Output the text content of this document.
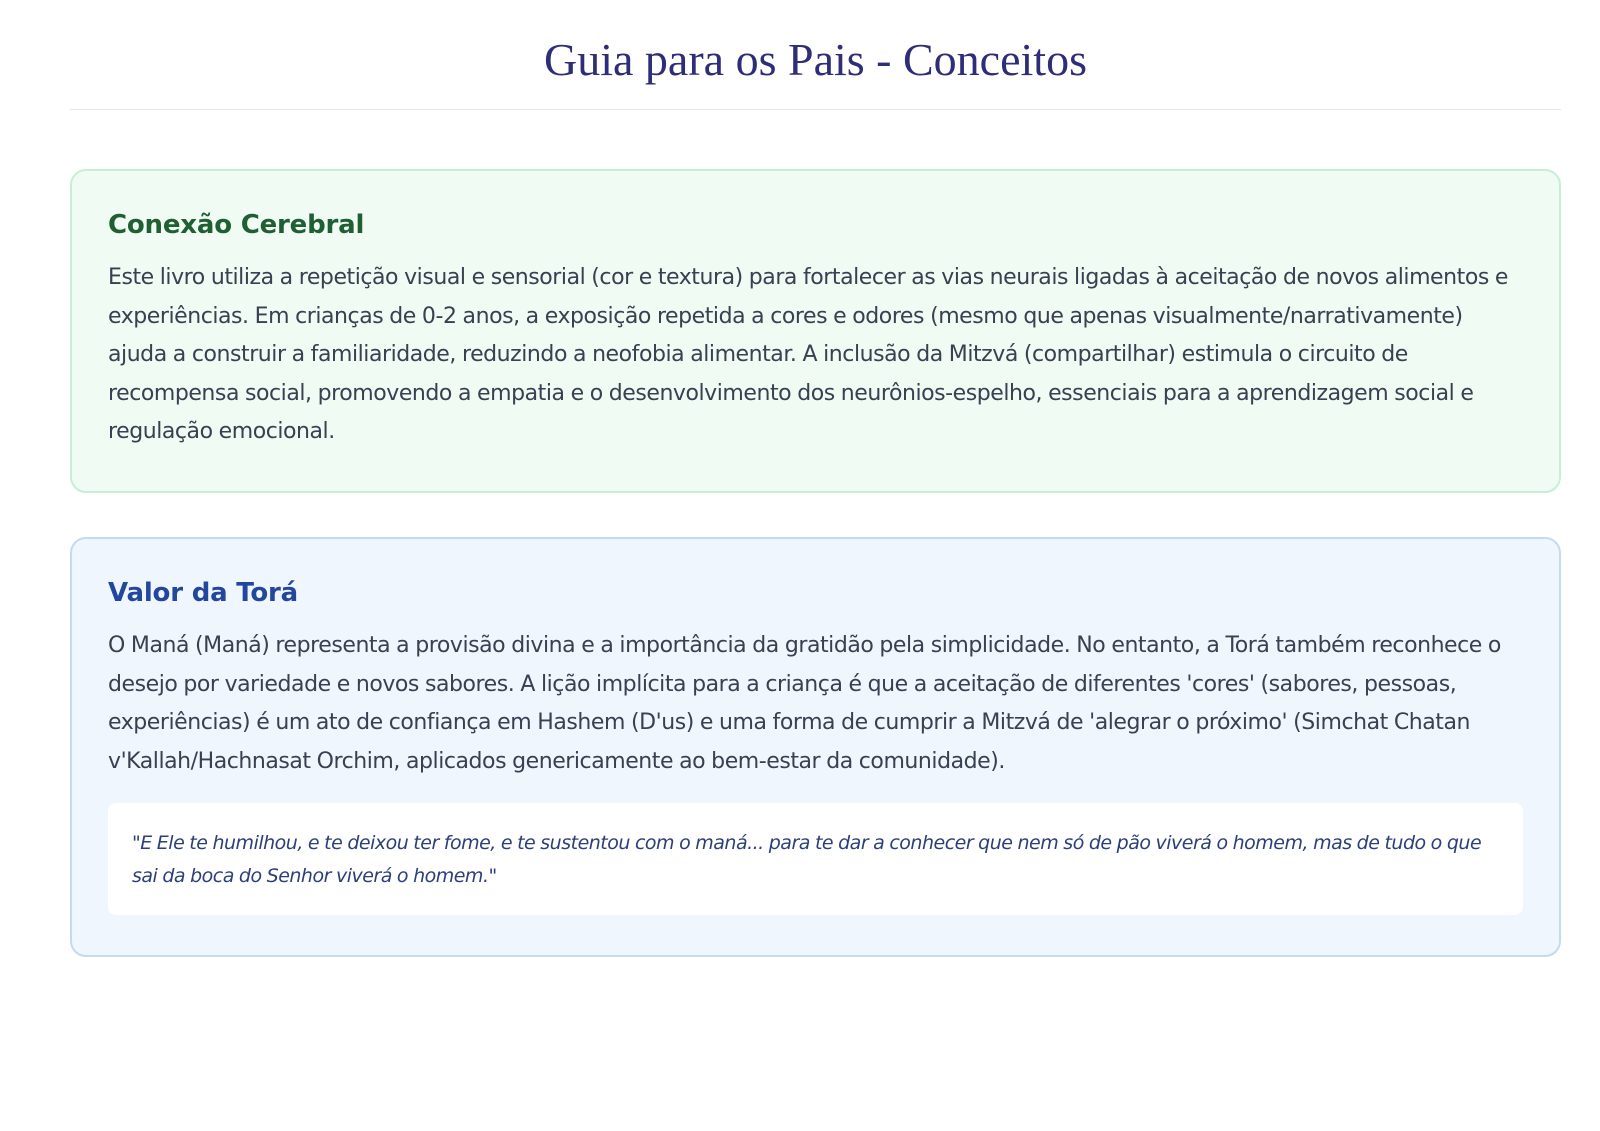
Guia para os Pais - Conceitos
Conexão Cerebral

Este livro utiliza a repetição visual e sensorial (cor e textura) para fortalecer as vias neurais ligadas à aceitação de novos alimentos e experiências. Em crianças de 0-2 anos, a exposição repetida a cores e odores (mesmo que apenas visualmente/narrativamente) ajuda a construir a familiaridade, reduzindo a neofobia alimentar. A inclusão da Mitzvá (compartilhar) estimula o circuito de recompensa social, promovendo a empatia e o desenvolvimento dos neurônios-espelho, essenciais para a aprendizagem social e regulação emocional.

Valor da Torá

O Maná (Maná) representa a provisão divina e a importância da gratidão pela simplicidade. No entanto, a Torá também reconhece o desejo por variedade e novos sabores. A lição implícita para a criança é que a aceitação de diferentes 'cores' (sabores, pessoas, experiências) é um ato de confiança em Hashem (D'us) e uma forma de cumprir a Mitzvá de 'alegrar o próximo' (Simchat Chatan v'Kallah/Hachnasat Orchim, aplicados genericamente ao bem-estar da comunidade).

"E Ele te humilhou, e te deixou ter fome, e te sustentou com o maná... para te dar a conhecer que nem só de pão viverá o homem, mas de tudo o que sai da boca do Senhor viverá o homem."
